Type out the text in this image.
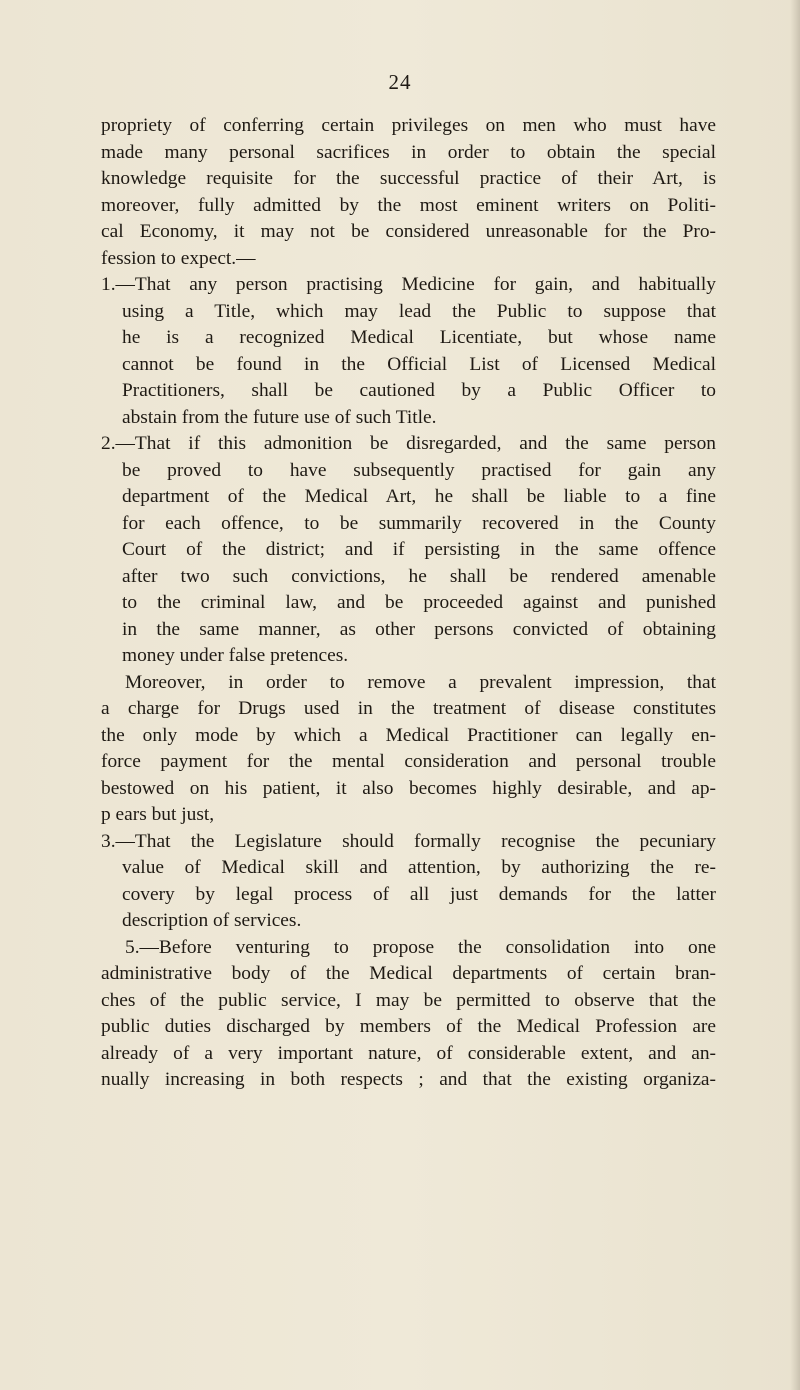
24
propriety of conferring certain privileges on men who must have
made many personal sacrifices in order to obtain the special
knowledge requisite for the successful practice of their Art, is
moreover, fully admitted by the most eminent writers on Politi-
cal Economy, it may not be considered unreasonable for the Pro-
fession to expect.—
1.—That any person practising Medicine for gain, and habitually
using a Title, which may lead the Public to suppose that
he is a recognized Medical Licentiate, but whose name
cannot be found in the Official List of Licensed Medical
Practitioners, shall be cautioned by a Public Officer to
abstain from the future use of such Title.
2.—That if this admonition be disregarded, and the same person
be proved to have subsequently practised for gain any
department of the Medical Art, he shall be liable to a fine
for each offence, to be summarily recovered in the County
Court of the district; and if persisting in the same offence
after two such convictions, he shall be rendered amenable
to the criminal law, and be proceeded against and punished
in the same manner, as other persons convicted of obtaining
money under false pretences.
Moreover, in order to remove a prevalent impression, that
a charge for Drugs used in the treatment of disease constitutes
the only mode by which a Medical Practitioner can legally en-
force payment for the mental consideration and personal trouble
bestowed on his patient, it also becomes highly desirable, and ap-
p ears but just,
3.—That the Legislature should formally recognise the pecuniary
value of Medical skill and attention, by authorizing the re-
covery by legal process of all just demands for the latter
description of services.
5.—Before venturing to propose the consolidation into one
administrative body of the Medical departments of certain bran-
ches of the public service, I may be permitted to observe that the
public duties discharged by members of the Medical Profession are
already of a very important nature, of considerable extent, and an-
nually increasing in both respects ; and that the existing organiza-
